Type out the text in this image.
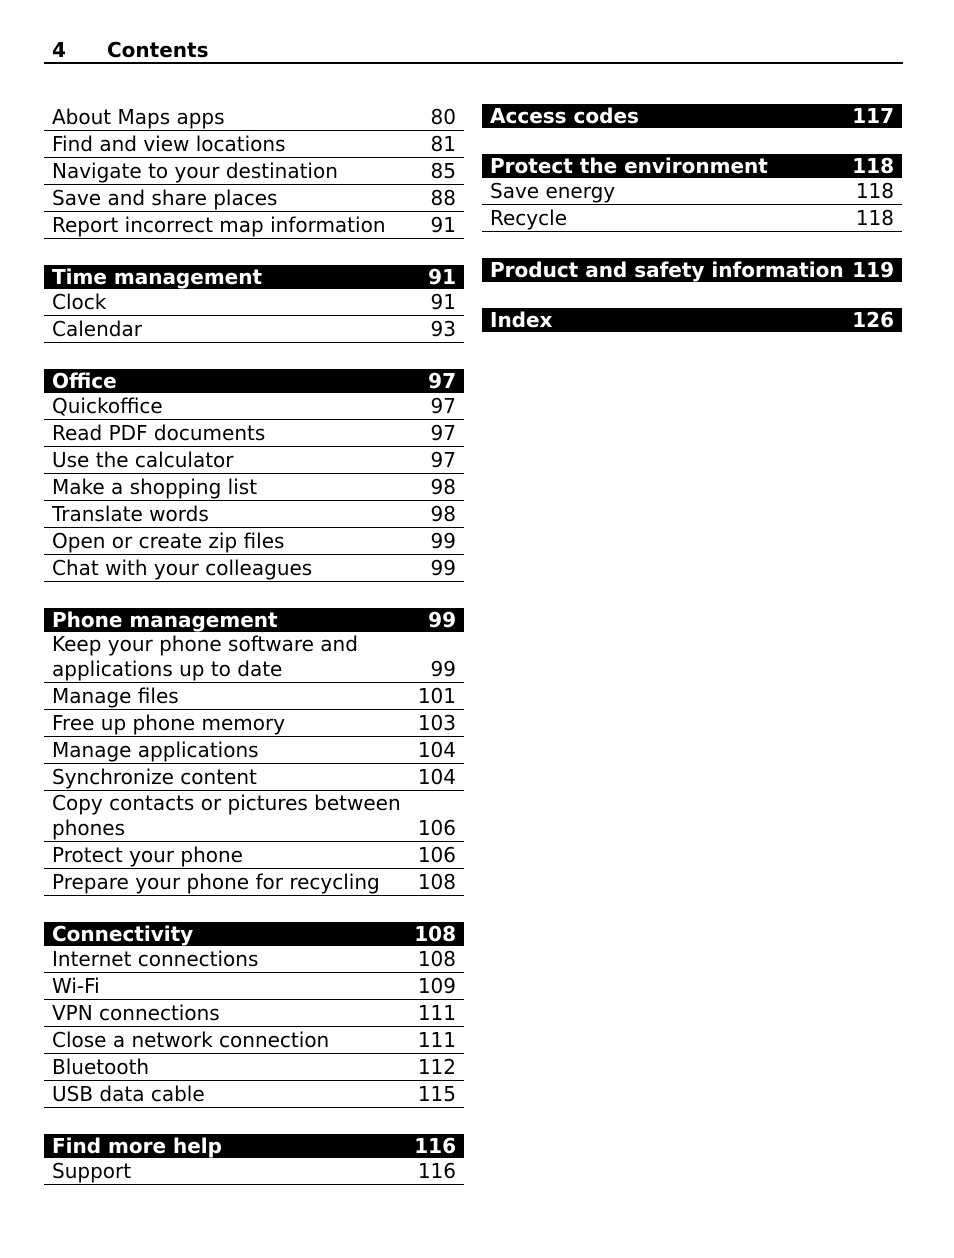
4 Contents
About Maps apps	80
Find and view locations	81
Navigate to your destination	85
Save and share places	88
Report incorrect map information	91
Time management	91
Clock	91
Calendar	93
Office	97
Quickoffice	97
Read PDF documents	97
Use the calculator	97
Make a shopping list	98
Translate words	98
Open or create zip files	99
Chat with your colleagues	99
Phone management	99
Keep your phone software and applications up to date	99
Manage files	101
Free up phone memory	103
Manage applications	104
Synchronize content	104
Copy contacts or pictures between phones	106
Protect your phone	106
Prepare your phone for recycling	108
Connectivity	108
Internet connections	108
Wi-Fi	109
VPN connections	111
Close a network connection	111
Bluetooth	112
USB data cable	115
Find more help	116
Support	116
Access codes	117
Protect the environment	118
Save energy	118
Recycle	118
Product and safety information 119
Index	126
